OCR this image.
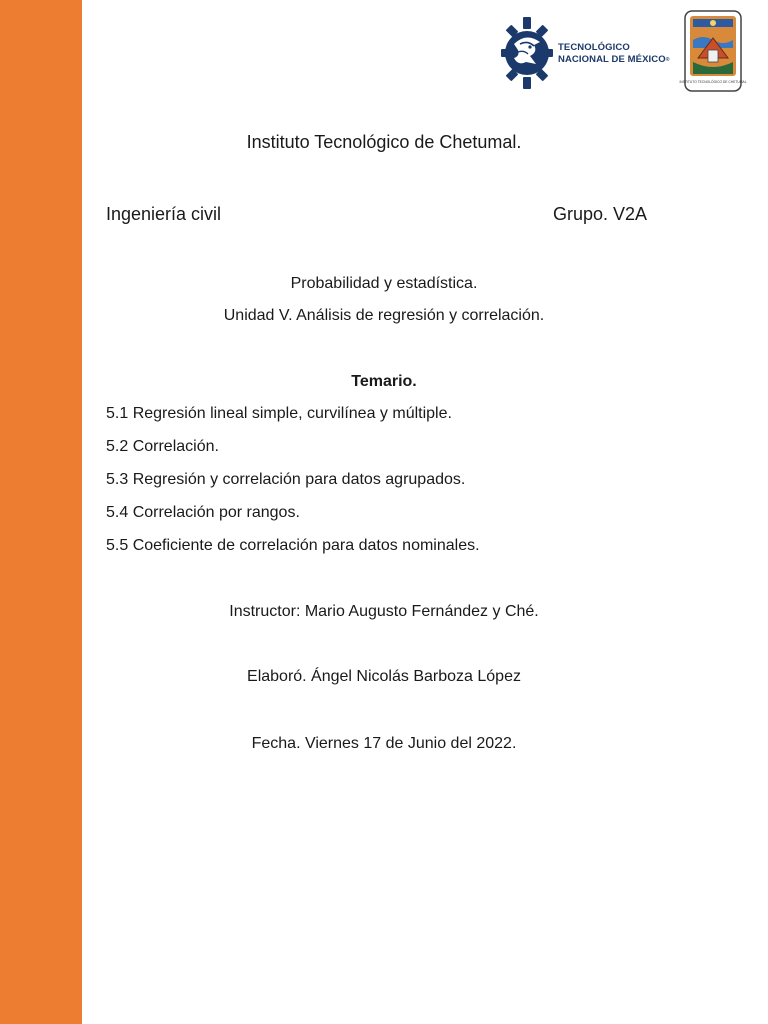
TECNOLÓGICO
NACIONAL DE MÉXICO®
INSTITUTO TECNOLÓGICO DE CHETUMAL
Instituto Tecnológico de Chetumal.
Ingeniería civil	Grupo. V2A
Probabilidad y estadística.
Unidad V. Análisis de regresión y correlación.
Temario.
5.1 Regresión lineal simple, curvilínea y múltiple.
5.2 Correlación.
5.3 Regresión y correlación para datos agrupados.
5.4 Correlación por rangos.
5.5 Coeficiente de correlación para datos nominales.
Instructor: Mario Augusto Fernández y Ché.
Elaboró. Ángel Nicolás Barboza López
Fecha. Viernes 17 de Junio del 2022.
